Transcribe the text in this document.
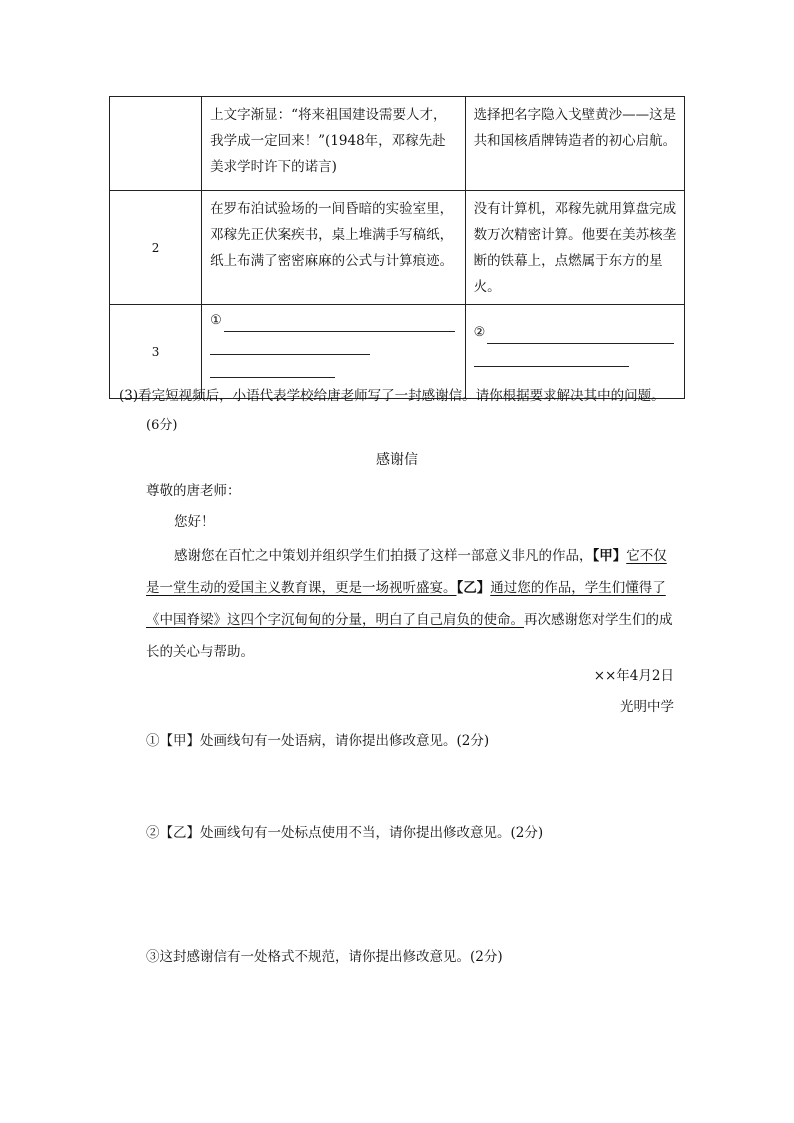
	上文字渐显：“将来祖国建设需要人才，我学成一定回来！”(1948年，邓稼先赴美求学时许下的诺言)	选择把名字隐入戈壁黄沙——这是共和国核盾牌铸造者的初心启航。

2	在罗布泊试验场的一间昏暗的实验室里，邓稼先正伏案疾书，桌上堆满手写稿纸，纸上布满了密密麻麻的公式与计算痕迹。	没有计算机，邓稼先就用算盘完成数万次精密计算。他要在美苏核垄断的铁幕上，点燃属于东方的星火。

3	①	②
(3)看完短视频后，小语代表学校给唐老师写了一封感谢信。请你根据要求解决其中的问题。
(6分)
感谢信
尊敬的唐老师：
您好！
感谢您在百忙之中策划并组织学生们拍摄了这样一部意义非凡的作品，【甲】它不仅是一堂生动的爱国主义教育课，更是一场视听盛宴。【乙】通过您的作品，学生们懂得了《中国脊梁》这四个字沉甸甸的分量，明白了自己肩负的使命。再次感谢您对学生们的成长的关心与帮助。
××年4月2日
光明中学
①【甲】处画线句有一处语病，请你提出修改意见。(2分)
②【乙】处画线句有一处标点使用不当，请你提出修改意见。(2分)
③这封感谢信有一处格式不规范，请你提出修改意见。(2分)
